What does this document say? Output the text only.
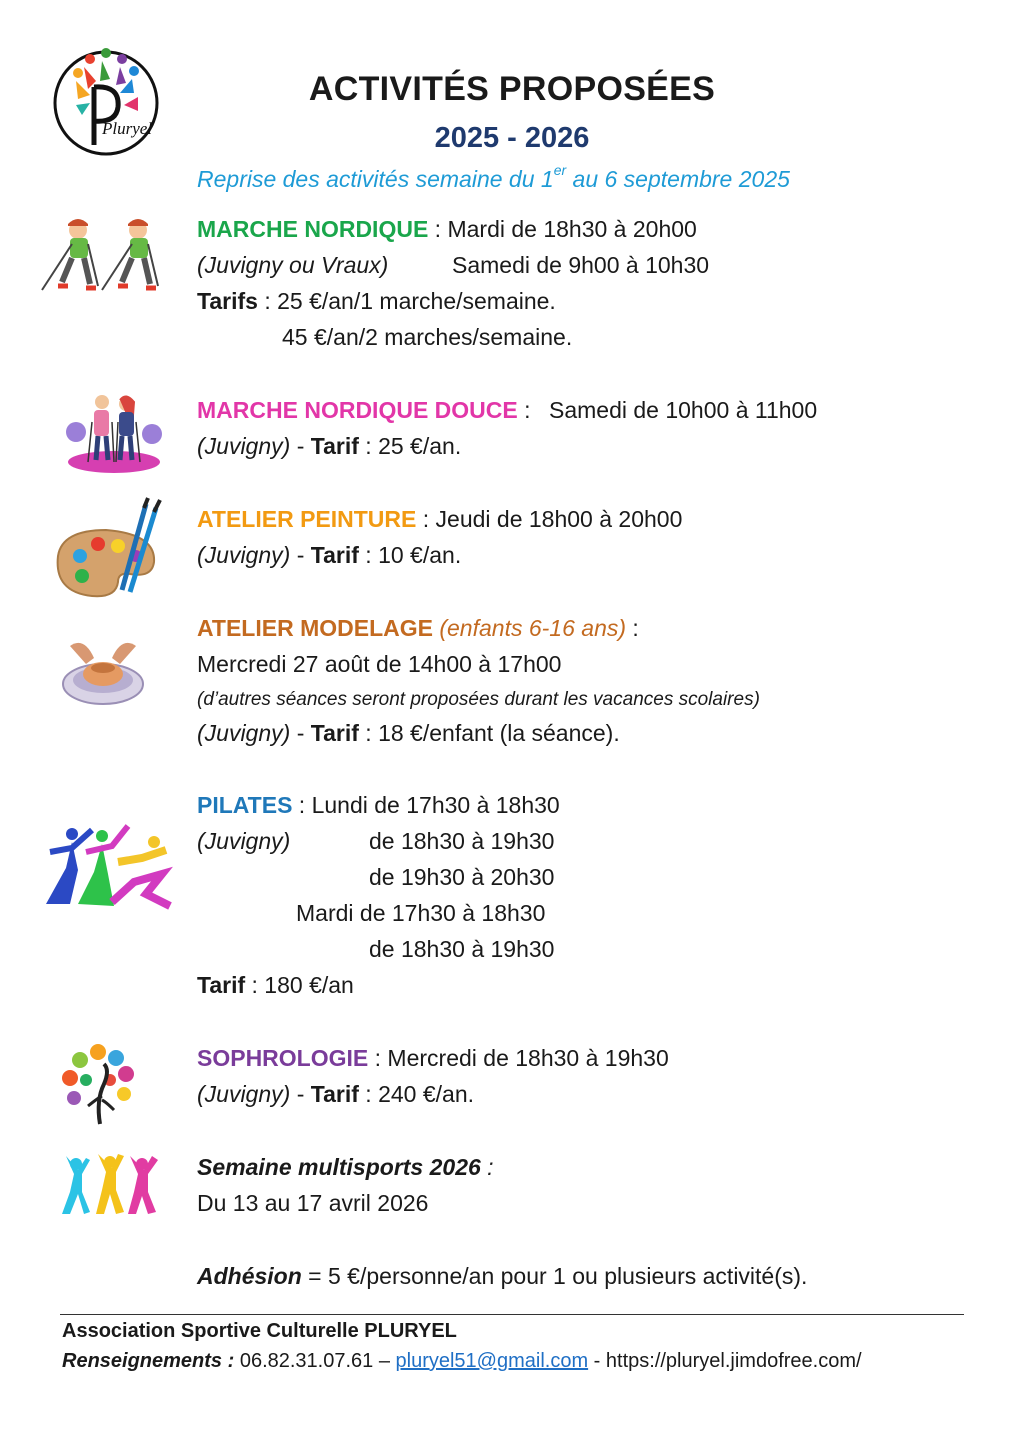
Pluryel
ACTIVITÉS PROPOSÉES
2025 - 2026
Reprise des activités semaine du 1er au 6 septembre 2025
MARCHE NORDIQUE : Mardi de 18h30 à 20h00
(Juvigny ou Vraux)	Samedi de 9h00 à 10h30
Tarifs : 25 €/an/1 marche/semaine.
45 €/an/2 marches/semaine.
MARCHE NORDIQUE DOUCE : Samedi de 10h00 à 11h00
(Juvigny) - Tarif : 25 €/an.
ATELIER PEINTURE : Jeudi de 18h00 à 20h00
(Juvigny) - Tarif : 10 €/an.
ATELIER MODELAGE (enfants 6-16 ans) :
Mercredi 27 août de 14h00 à 17h00
(d’autres séances seront proposées durant les vacances scolaires)
(Juvigny) - Tarif : 18 €/enfant (la séance).
PILATES : Lundi de 17h30 à 18h30
(Juvigny)	de 18h30 à 19h30
de 19h30 à 20h30
Mardi de 17h30 à 18h30
de 18h30 à 19h30
Tarif : 180 €/an
SOPHROLOGIE : Mercredi de 18h30 à 19h30
(Juvigny) - Tarif : 240 €/an.
Semaine multisports 2026 :
Du 13 au 17 avril 2026
Adhésion = 5 €/personne/an pour 1 ou plusieurs activité(s).
Association Sportive Culturelle PLURYEL
Renseignements : 06.82.31.07.61 – pluryel51@gmail.com - https://pluryel.jimdofree.com/
